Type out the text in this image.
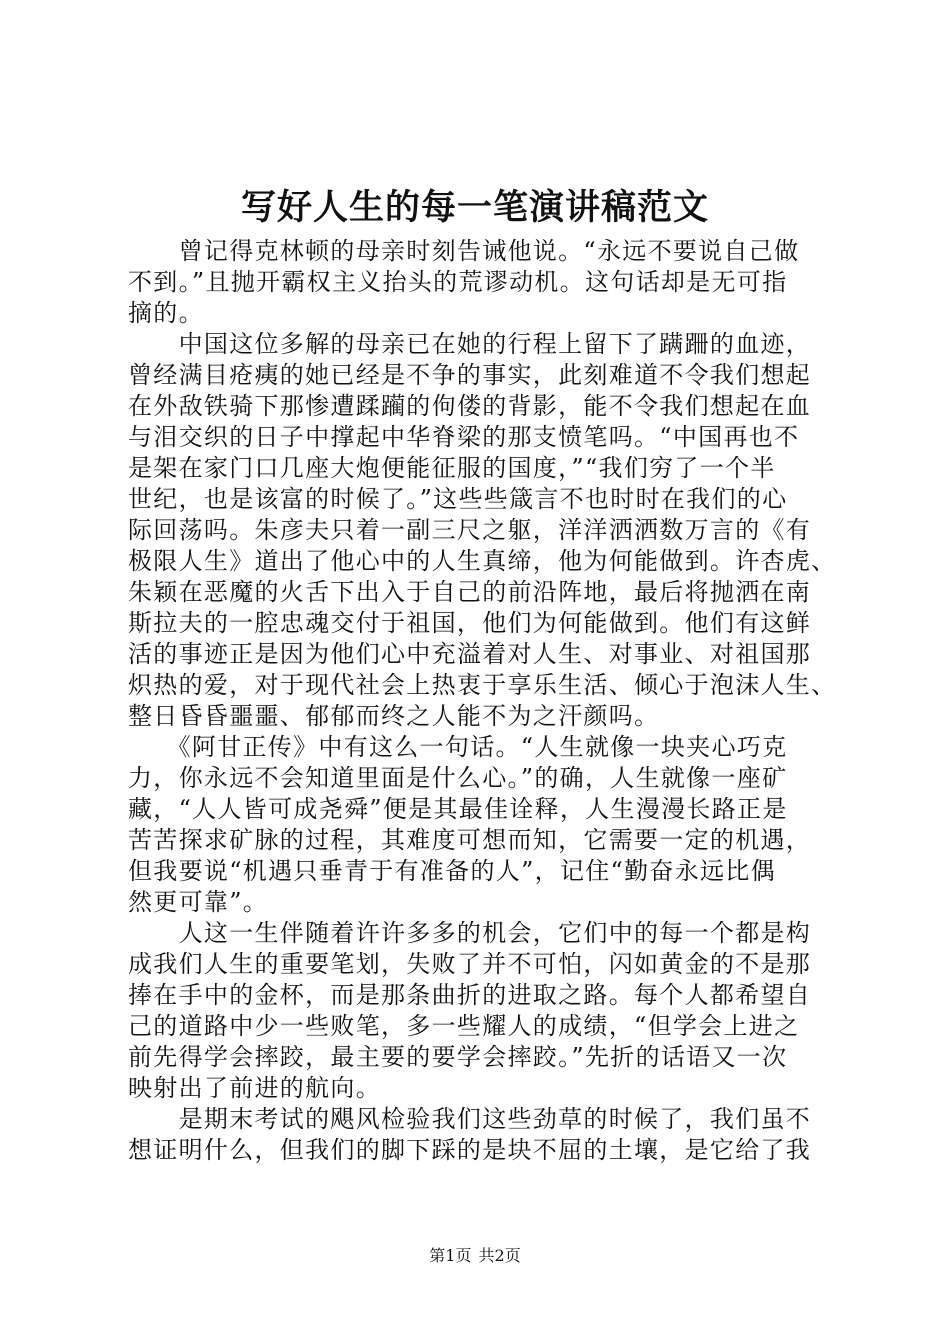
写好人生的每一笔演讲稿范文
　　曾记得克林顿的母亲时刻告诫他说。“永远不要说自己做
不到。”且抛开霸权主义抬头的荒谬动机。这句话却是无可指
摘的。
　　中国这位多解的母亲已在她的行程上留下了蹒跚的血迹，
曾经满目疮痍的她已经是不争的事实，此刻难道不令我们想起
在外敌铁骑下那惨遭蹂躏的佝偻的背影，能不令我们想起在血
与泪交织的日子中撑起中华脊梁的那支愤笔吗。“中国再也不
是架在家门口几座大炮便能征服的国度，”“我们穷了一个半
世纪，也是该富的时候了。”这些些箴言不也时时在我们的心
际回荡吗。朱彦夫只着一副三尺之躯，洋洋洒洒数万言的《有
极限人生》道出了他心中的人生真缔，他为何能做到。许杏虎、
朱颖在恶魔的火舌下出入于自己的前沿阵地，最后将抛洒在南
斯拉夫的一腔忠魂交付于祖国，他们为何能做到。他们有这鲜
活的事迹正是因为他们心中充溢着对人生、对事业、对祖国那
炽热的爱，对于现代社会上热衷于享乐生活、倾心于泡沫人生、
整日昏昏噩噩、郁郁而终之人能不为之汗颜吗。
　　《阿甘正传》中有这么一句话。“人生就像一块夹心巧克
力，你永远不会知道里面是什么心。”的确，人生就像一座矿
藏，“人人皆可成尧舜”便是其最佳诠释，人生漫漫长路正是
苦苦探求矿脉的过程，其难度可想而知，它需要一定的机遇，
但我要说“机遇只垂青于有准备的人”，记住“勤奋永远比偶
然更可靠”。
　　人这一生伴随着许许多多的机会，它们中的每一个都是构
成我们人生的重要笔划，失败了并不可怕，闪如黄金的不是那
捧在手中的金杯，而是那条曲折的进取之路。每个人都希望自
己的道路中少一些败笔，多一些耀人的成绩，“但学会上进之
前先得学会摔跤，最主要的要学会摔跤。”先折的话语又一次
映射出了前进的航向。
　　是期末考试的飓风检验我们这些劲草的时候了，我们虽不
想证明什么，但我们的脚下踩的是块不屈的土壤，是它给了我
第1页 共2页
